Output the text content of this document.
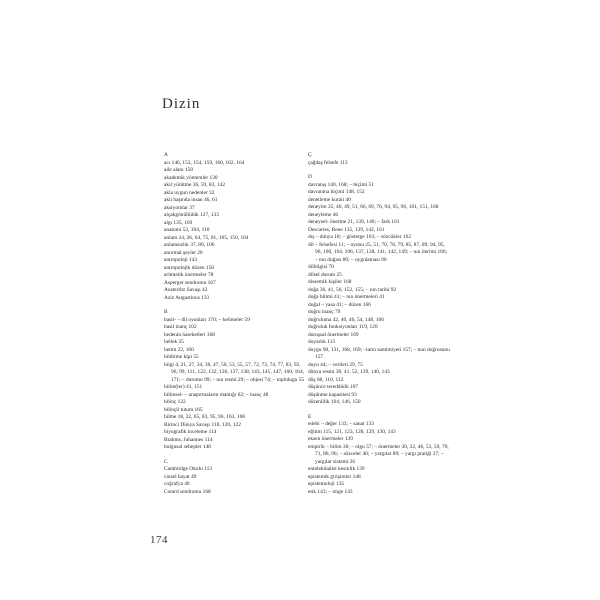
Dizin
A
acı 146, 153, 154, 159, 160, 162, 164
aile alanı 150
akademik yöntemler 130
akıl yürütme 36, 59, 83, 142
akla uygun nedenler 32
aklı başında insan 46, 61
aksiyomlar 37
alçakgönüllülük 127, 133
algı 135, 169
anatomi 53, 104, 110
anlam 24, 26, 64, 75, 81, 105, 150, 164
anlamsızlık 37, 80, 106
anormal şeyler 20
antropoloji 143
antropolojik düzen 158
aritmetik önermeler 78
Asperger sendromu 167
Austerlitz Savaşı 42
Aziz Augustinus 133
B
basit- – dil oyunları 170; – kelimeler 59
basil inanç 102
bedenin hareketleri 168
bellek 25
betim 22, 160
bildirme kipi 55
bilgi 4, 21, 27, 34, 36, 47, 50, 53, 55, 57, 72, 73, 74, 77, 83, 92, 96, 99, 111, 122, 132, 136, 137, 138, 143, 145, 147, 160, 164, 171; – durumu 99; – nın resmi 29; – objesi 74; – toplulugu 55
bilim(ler) 41, 151
bilimsel- – araştırmaların mantığı 62; – inanç 48
bilinç 122
bilinçli tutum 165
bilme 18, 22, 65, 83, 95, 96, 163, 168
Birinci Dünya Savaşı 118, 120, 122
biyografik inceleme 114
Brahms, Johannes 114
bulgusal sebepler 148
C
Cambridge Okulu 113
cinsel hayat 49
coğrafya 40
Cotard sendromu 168
Ç
çağdaş felsefe 113
D
davranış 140, 168; – biçimi 51
davranma biçimi 148, 152
denetleme kuralı 40
deneyim 35, 46, 49, 51, 66, 69, 76, 94, 95, 96, 101, 151, 168
deneyleme 46
deneysel- önerme 21, 139, 140; – fark 101
Descartes, Rene 135, 139, 142, 161
dış – dünya 18; – gösterge 163; – sözcükler 162
dil – felsefesi 11; – oyunu 25, 51, 70, 78, 79, 85, 87, 89, 94, 95, 96, 100, 104, 106, 137, 138, 141, 142, 149; – nın ilerimi 106; – nın doğası 80; – uygulaması 90
dilbilgisi 70
dilsel durum 25
dissemik kişiler 168
doğa 36, 41, 56, 152, 155; – nın tarihi 92
doğa bilimi 41; – nın önermeleri 41
doğal – yasa 41; – düzen 166
doğru inanç 79
doğruluma 42, 40, 46, 54, 148, 166
doğruluk fonksiyonları 119, 120
duruşsal önermeler 169
duyarlık 115
duygu 90, 131, 168, 169; –ların samimiyeti 157; – nun doğrusunu 157
duyu 44; – verileri 29, 75
dünya resmi 30, 41, 52, 139, 140, 143
düş 68, 110, 112
düşünce tereddüdü 107
düşünme kapasitesi 93
düzenlilik 104, 146, 150
E
edebi – değer 133; – sanat 133
eğitim 115, 121, 123, 128, 129, 130, 143
eksen önermeler 139
empirik – bilim 30; – olgu 57; – önermeler 30, 32, 46, 53, 59, 70, 71, 86, 96; – sözceler 40; – yargılar 89; – yargı pratiği 37; – yargılar sistemi 36
entelektüalist kesinlik 139
epistemik girişimler 148
epistemoloji 135
etik 143; – imge 143
174
